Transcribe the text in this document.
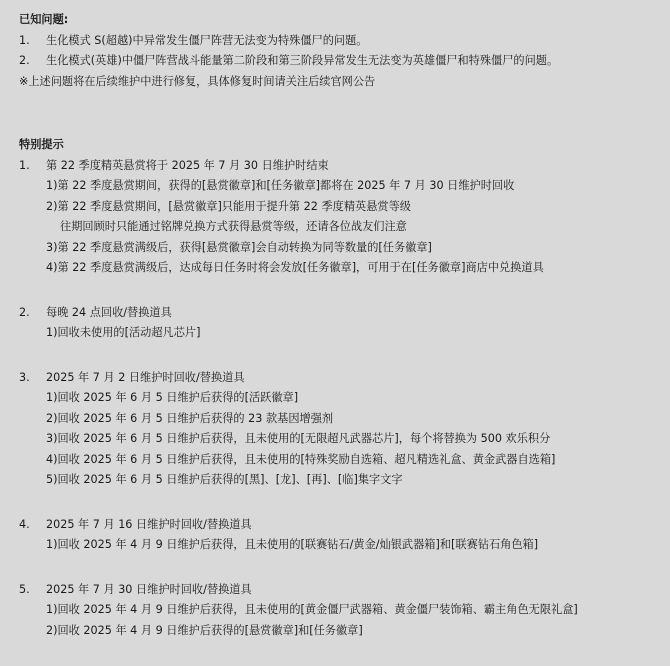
已知问题:
1. 生化模式 S(超越)中异常发生僵尸阵营无法变为特殊僵尸的问题。
2. 生化模式(英雄)中僵尸阵营战斗能量第二阶段和第三阶段异常发生无法变为英雄僵尸和特殊僵尸的问题。
※上述问题将在后续维护中进行修复，具体修复时间请关注后续官网公告
特别提示
1. 第 22 季度精英悬赏将于 2025 年 7 月 30 日维护时结束
1)第 22 季度悬赏期间，获得的[悬赏徽章]和[任务徽章]都将在 2025 年 7 月 30 日维护时回收
2)第 22 季度悬赏期间，[悬赏徽章]只能用于提升第 22 季度精英悬赏等级
往期回顾时只能通过铭牌兑换方式获得悬赏等级，还请各位战友们注意
3)第 22 季度悬赏满级后，获得[悬赏徽章]会自动转换为同等数量的[任务徽章]
4)第 22 季度悬赏满级后，达成每日任务时将会发放[任务徽章]，可用于在[任务徽章]商店中兑换道具
2. 每晚 24 点回收/替换道具
1)回收未使用的[活动超凡芯片]
3. 2025 年 7 月 2 日维护时回收/替换道具
1)回收 2025 年 6 月 5 日维护后获得的[活跃徽章]
2)回收 2025 年 6 月 5 日维护后获得的 23 款基因增强剂
3)回收 2025 年 6 月 5 日维护后获得，且未使用的[无限超凡武器芯片]，每个将替换为 500 欢乐积分
4)回收 2025 年 6 月 5 日维护后获得，且未使用的[特殊奖励自选箱、超凡精选礼盒、黄金武器自选箱]
5)回收 2025 年 6 月 5 日维护后获得的[黑]、[龙]、[再]、[临]集字文字
4. 2025 年 7 月 16 日维护时回收/替换道具
1)回收 2025 年 4 月 9 日维护后获得，且未使用的[联赛钻石/黄金/灿银武器箱]和[联赛钻石角色箱]
5. 2025 年 7 月 30 日维护时回收/替换道具
1)回收 2025 年 4 月 9 日维护后获得，且未使用的[黄金僵尸武器箱、黄金僵尸装饰箱、霸主角色无限礼盒]
2)回收 2025 年 4 月 9 日维护后获得的[悬赏徽章]和[任务徽章]
